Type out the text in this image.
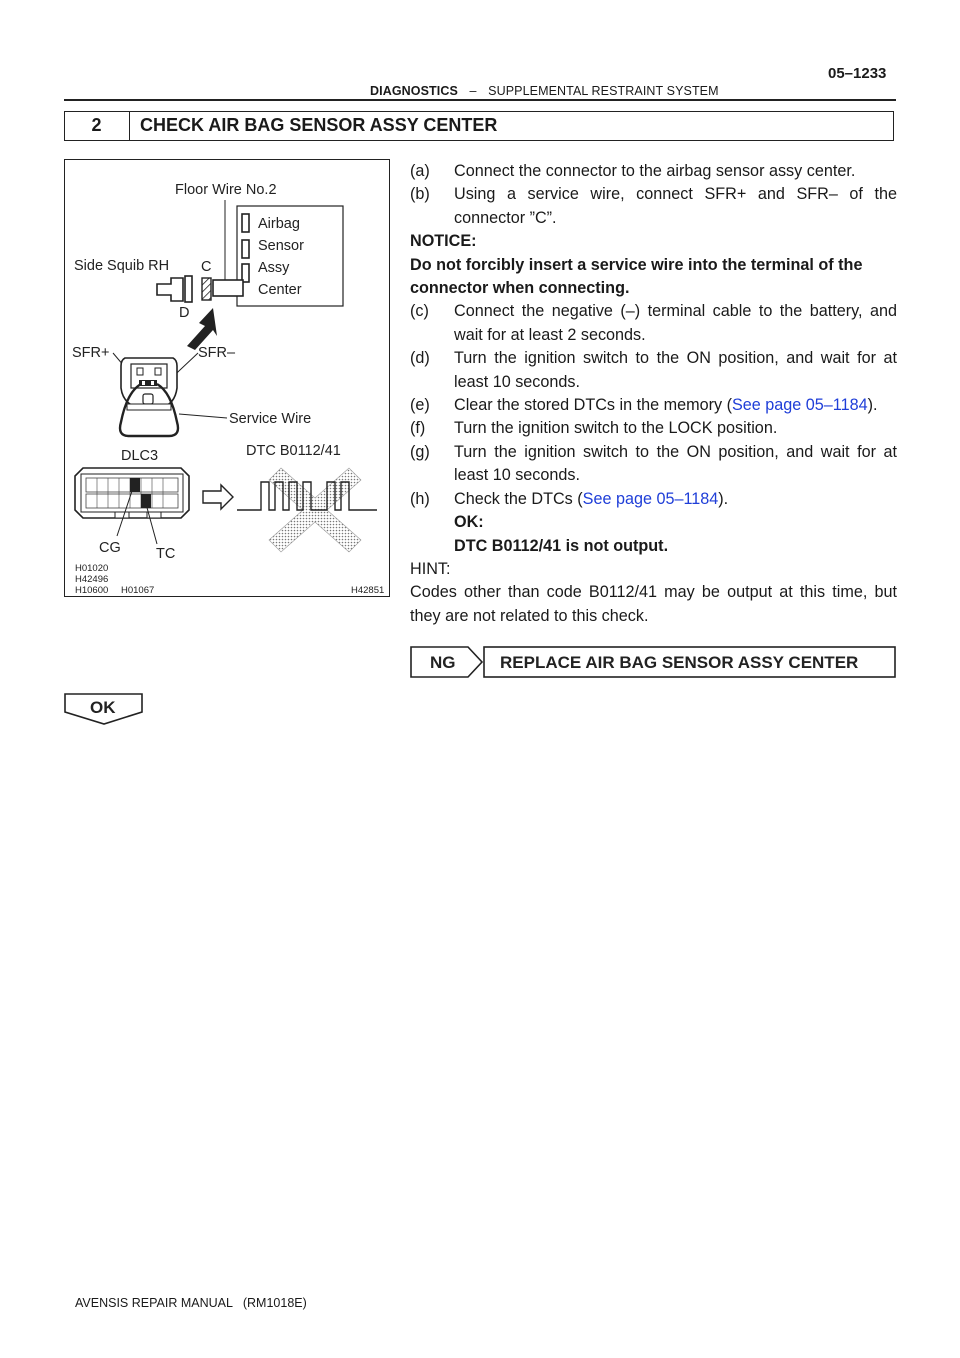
05–1233
DIAGNOSTICS – SUPPLEMENTAL RESTRAINT SYSTEM
2	CHECK AIR BAG SENSOR ASSY CENTER
Floor Wire No.2
Airbag
Sensor
Assy
Center
C
Side Squib RH
D
SFR+	SFR–
Service Wire
DLC3	DTC B0112/41
CG TC
H01020
H42496
H10600 H01067	H42851
(a)	Connect the connector to the airbag sensor assy center.
(b)	Using a service wire, connect SFR+ and SFR– of the connector ”C”.
NOTICE:
Do not forcibly insert a service wire into the terminal of the connector when connecting.
(c)	Connect the negative (–) terminal cable to the battery, and wait for at least 2 seconds.
(d)	Turn the ignition switch to the ON position, and wait for at least 10 seconds.
(e)	Clear the stored DTCs in the memory (See page 05–1184).
(f)	Turn the ignition switch to the LOCK position.
(g)	Turn the ignition switch to the ON position, and wait for at least 10 seconds.
(h)	Check the DTCs (See page 05–1184).
OK:
DTC B0112/41 is not output.
HINT:
Codes other than code B0112/41 may be output at this time, but they are not related to this check.
NG	REPLACE AIR BAG SENSOR ASSY CENTER
OK
AVENSIS REPAIR MANUAL   (RM1018E)
